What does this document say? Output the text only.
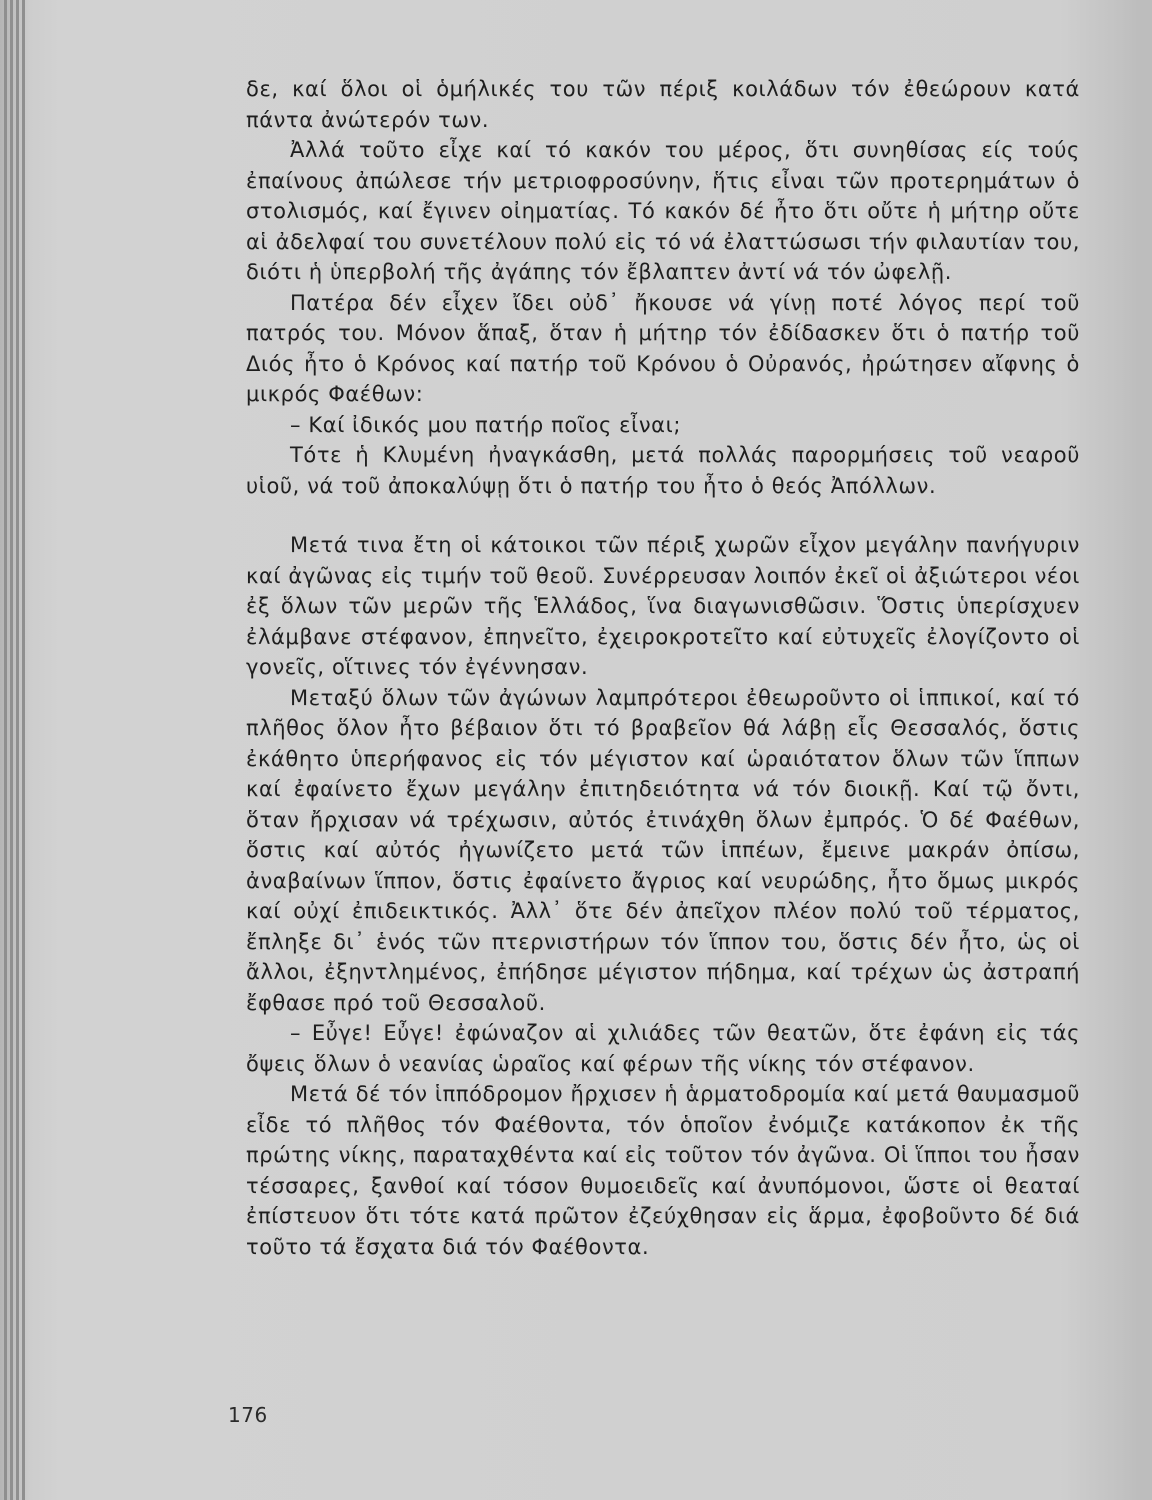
δε, καί ὅλοι οἱ ὁμήλικές του τῶν πέριξ κοιλάδων τόν ἐθεώρουν κατά πάντα ἀνώτερόν των.

Ἀλλά τοῦτο εἶχε καί τό κακόν του μέρος, ὅτι συνηθίσας είς τούς ἐπαίνους ἀπώλεσε τήν μετριοφροσύνην, ἥτις εἶναι τῶν προτερημάτων ὁ στολισμός, καί ἔγινεν οἰηματίας. Τό κακόν δέ ἦτο ὅτι οὔτε ἡ μήτηρ οὔτε αἱ ἀδελφαί του συνετέλουν πολύ εἰς τό νά ἐλαττώσωσι τήν φιλαυτίαν του, διότι ἡ ὑπερβολή τῆς ἀγάπης τόν ἔβλαπτεν ἀντί νά τόν ὠφελῇ.

Πατέρα δέν εἶχεν ἴδει οὐδ᾽ ἤκουσε νά γίνῃ ποτέ λόγος περί τοῦ πατρός του. Μόνον ἅπαξ, ὅταν ἡ μήτηρ τόν ἐδίδασκεν ὅτι ὁ πατήρ τοῦ Διός ἦτο ὁ Κρόνος καί πατήρ τοῦ Κρόνου ὁ Οὐρανός, ἠρώτησεν αἴφνης ὁ μικρός Φαέθων:

– Καί ἰδικός μου πατήρ ποῖος εἶναι;

Τότε ἡ Κλυμένη ἠναγκάσθη, μετά πολλάς παρορμήσεις τοῦ νεαροῦ υἱοῦ, νά τοῦ ἀποκαλύψῃ ὅτι ὁ πατήρ του ἦτο ὁ θεός Ἀπόλλων.

Μετά τινα ἔτη οἱ κάτοικοι τῶν πέριξ χωρῶν εἶχον μεγάλην πανήγυριν καί ἀγῶνας εἰς τιμήν τοῦ θεοῦ. Συνέρρευσαν λοιπόν ἐκεῖ οἱ ἀξιώτεροι νέοι ἐξ ὅλων τῶν μερῶν τῆς Ἑλλάδος, ἵνα διαγωνισθῶσιν. Ὅστις ὑπερίσχυεν ἐλάμβανε στέφανον, ἐπηνεῖτο, ἐχειροκροτεῖτο καί εὐτυχεῖς ἐλογίζοντο οἱ γονεῖς, οἵτινες τόν ἐγέννησαν.

Μεταξύ ὅλων τῶν ἀγώνων λαμπρότεροι ἐθεωροῦντο οἱ ἱππικοί, καί τό πλῆθος ὅλον ἦτο βέβαιον ὅτι τό βραβεῖον θά λάβῃ εἷς Θεσσαλός, ὅστις ἐκάθητο ὑπερήφανος εἰς τόν μέγιστον καί ὡραιότατον ὅλων τῶν ἵππων καί ἐφαίνετο ἔχων μεγάλην ἐπιτηδειότητα νά τόν διοικῇ. Καί τῷ ὄντι, ὅταν ἤρχισαν νά τρέχωσιν, αὐτός ἐτινάχθη ὅλων ἐμπρός. Ὁ δέ Φαέθων, ὅστις καί αὐτός ἠγωνίζετο μετά τῶν ἱππέων, ἔμεινε μακράν ὀπίσω, ἀναβαίνων ἵππον, ὅστις ἐφαίνετο ἄγριος καί νευρώδης, ἦτο ὅμως μικρός καί οὐχί ἐπιδεικτικός. Ἀλλ᾽ ὅτε δέν ἀπεῖχον πλέον πολύ τοῦ τέρματος, ἔπληξε δι᾽ ἑνός τῶν πτερνιστήρων τόν ἵππον του, ὅστις δέν ἦτο, ὡς οἱ ἄλλοι, ἐξηντλημένος, ἐπήδησε μέγιστον πήδημα, καί τρέχων ὡς ἀστραπή ἔφθασε πρό τοῦ Θεσσαλοῦ.

– Εὖγε! Εὖγε! ἐφώναζον αἱ χιλιάδες τῶν θεατῶν, ὅτε ἐφάνη εἰς τάς ὄψεις ὅλων ὁ νεανίας ὡραῖος καί φέρων τῆς νίκης τόν στέφανον.

Μετά δέ τόν ἱππόδρομον ἤρχισεν ἡ ἁρματοδρομία καί μετά θαυμασμοῦ εἶδε τό πλῆθος τόν Φαέθοντα, τόν ὁποῖον ἐνόμιζε κατάκοπον ἐκ τῆς πρώτης νίκης, παραταχθέντα καί εἰς τοῦτον τόν ἀγῶνα. Οἱ ἵπποι του ἦσαν τέσσαρες, ξανθοί καί τόσον θυμοειδεῖς καί ἀνυπόμονοι, ὥστε οἱ θεαταί ἐπίστευον ὅτι τότε κατά πρῶτον ἐζεύχθησαν εἰς ἅρμα, ἐφοβοῦντο δέ διά τοῦτο τά ἔσχατα διά τόν Φαέθοντα.

176
